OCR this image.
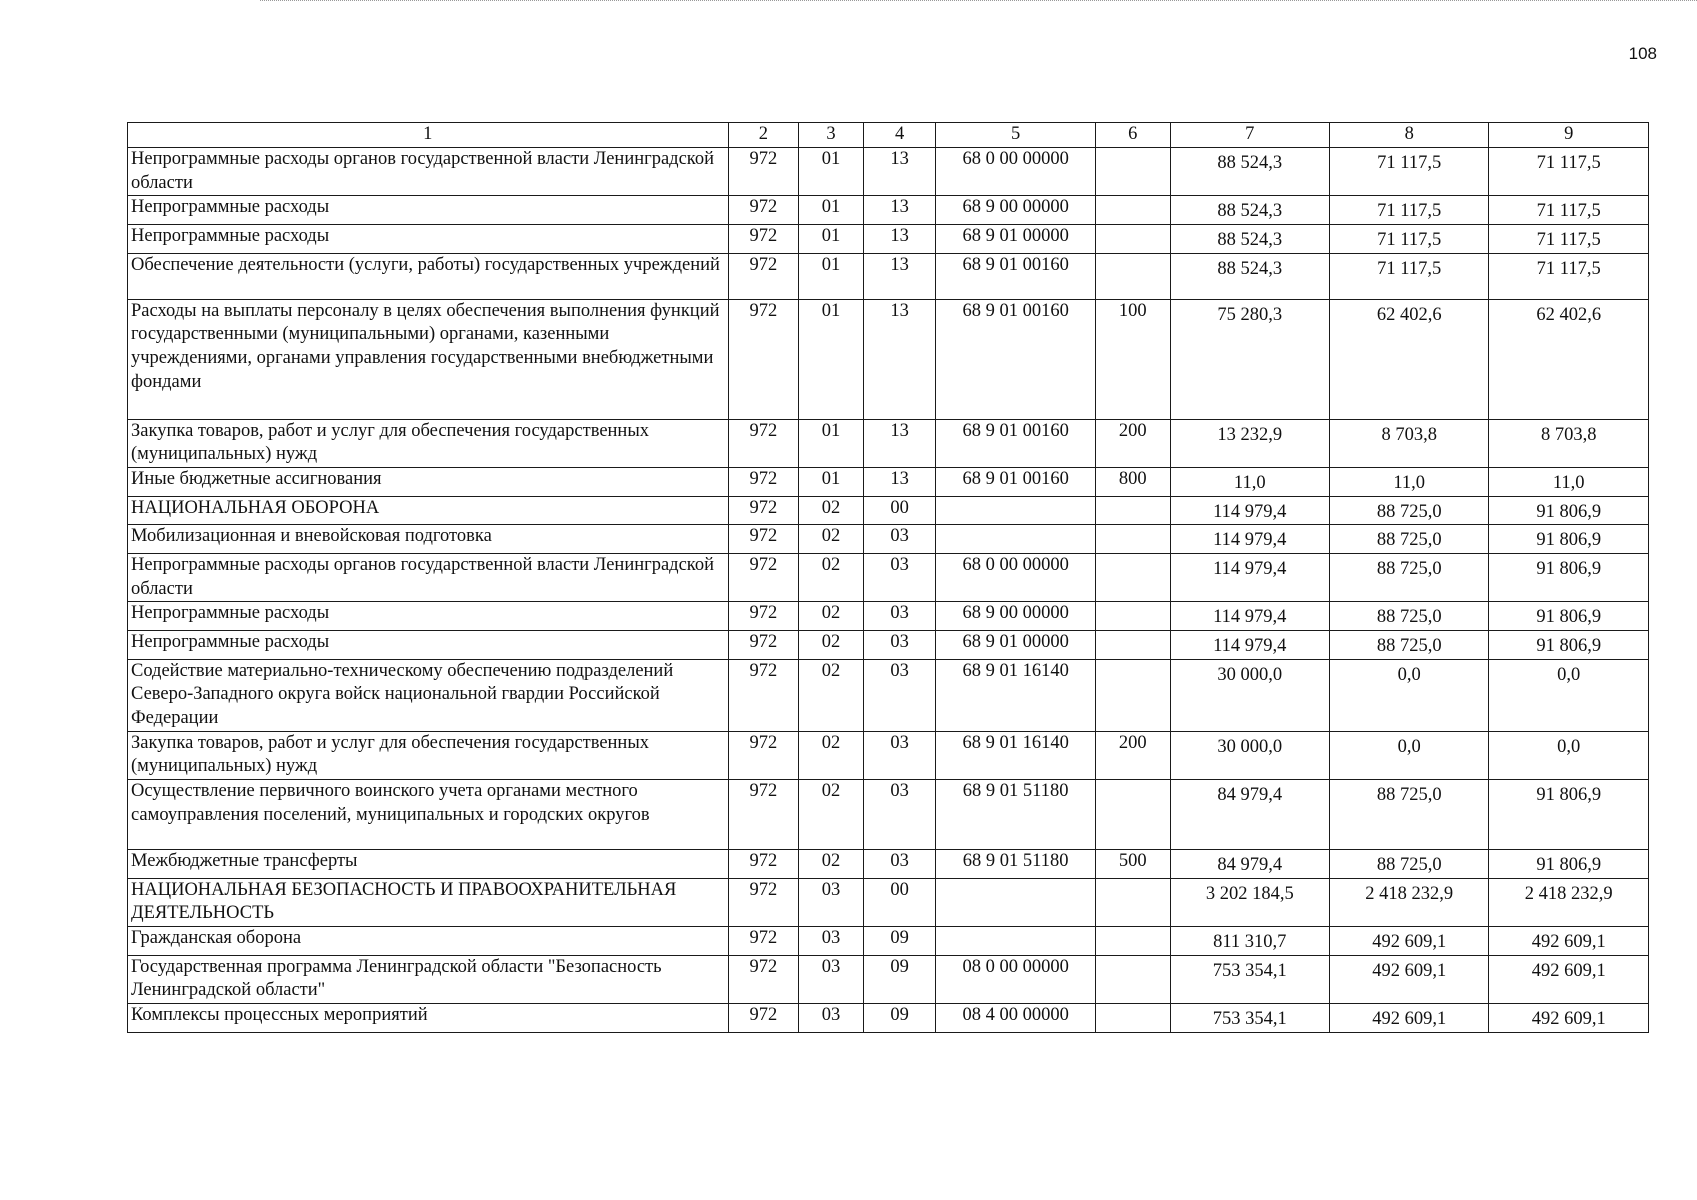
108
1	2	3	4	5	6	7	8	9
Непрограммные расходы органов государственной власти Ленинградской области	972	01	13	68 0 00 00000		88 524,3	71 117,5	71 117,5
Непрограммные расходы	972	01	13	68 9 00 00000		88 524,3	71 117,5	71 117,5
Непрограммные расходы	972	01	13	68 9 01 00000		88 524,3	71 117,5	71 117,5
Обеспечение деятельности (услуги, работы) государственных учреждений	972	01	13	68 9 01 00160		88 524,3	71 117,5	71 117,5
Расходы на выплаты персоналу в целях обеспечения выполнения функций государственными (муниципальными) органами, казенными учреждениями, органами управления государственными внебюджетными фондами	972	01	13	68 9 01 00160	100	75 280,3	62 402,6	62 402,6
Закупка товаров, работ и услуг для обеспечения государственных (муниципальных) нужд	972	01	13	68 9 01 00160	200	13 232,9	8 703,8	8 703,8
Иные бюджетные ассигнования	972	01	13	68 9 01 00160	800	11,0	11,0	11,0
НАЦИОНАЛЬНАЯ ОБОРОНА	972	02	00			114 979,4	88 725,0	91 806,9
Мобилизационная и вневойсковая подготовка	972	02	03			114 979,4	88 725,0	91 806,9
Непрограммные расходы органов государственной власти Ленинградской области	972	02	03	68 0 00 00000		114 979,4	88 725,0	91 806,9
Непрограммные расходы	972	02	03	68 9 00 00000		114 979,4	88 725,0	91 806,9
Непрограммные расходы	972	02	03	68 9 01 00000		114 979,4	88 725,0	91 806,9
Содействие материально-техническому обеспечению подразделений Северо-Западного округа войск национальной гвардии Российской Федерации	972	02	03	68 9 01 16140		30 000,0	0,0	0,0
Закупка товаров, работ и услуг для обеспечения государственных (муниципальных) нужд	972	02	03	68 9 01 16140	200	30 000,0	0,0	0,0
Осуществление первичного воинского учета органами местного самоуправления поселений, муниципальных и городских округов	972	02	03	68 9 01 51180		84 979,4	88 725,0	91 806,9
Межбюджетные трансферты	972	02	03	68 9 01 51180	500	84 979,4	88 725,0	91 806,9
НАЦИОНАЛЬНАЯ БЕЗОПАСНОСТЬ И ПРАВООХРАНИТЕЛЬНАЯ ДЕЯТЕЛЬНОСТЬ	972	03	00			3 202 184,5	2 418 232,9	2 418 232,9
Гражданская оборона	972	03	09			811 310,7	492 609,1	492 609,1
Государственная программа Ленинградской области "Безопасность Ленинградской области"	972	03	09	08 0 00 00000		753 354,1	492 609,1	492 609,1
Комплексы процессных мероприятий	972	03	09	08 4 00 00000		753 354,1	492 609,1	492 609,1
